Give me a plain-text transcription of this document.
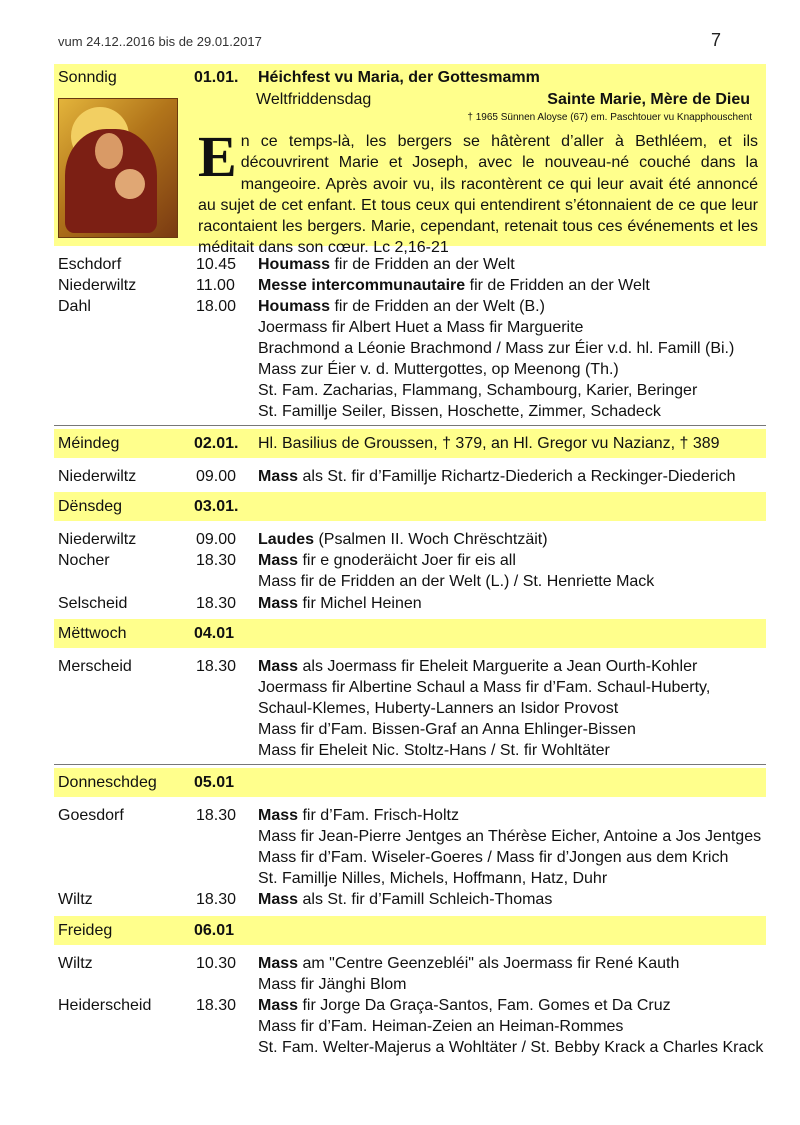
vum 24.12..2016 bis de 29.01.2017	7
Sonndig	01.01. Héichfest vu Maria, der Gottesmamm
Weltfriddensdag	Sainte Marie, Mère de Dieu
† 1965 Sünnen Aloyse (67) em. Paschtouer vu Knapphouschent
En ce temps-là, les bergers se hâtèrent d’aller à Bethléem, et ils découvrirent Marie et Joseph, avec le nouveau-né couché dans la mangeoire. Après avoir vu, ils racontèrent ce qui leur avait été annoncé au sujet de cet enfant. Et tous ceux qui entendirent s’étonnaient de ce que leur racontaient les bergers. Marie, cependant, retenait tous ces événements et les méditait dans son cœur. Lc 2,16-21
Eschdorf	10.45 Houmass fir de Fridden an der Welt
Niederwiltz	11.00 Messe intercommunautaire fir de Fridden an der Welt
Dahl	18.00 Houmass fir de Fridden an der Welt (B.)
Joermass fir Albert Huet a Mass fir Marguerite
Brachmond a Léonie Brachmond / Mass zur Éier v.d. hl. Famill (Bi.)
Mass zur Éier v. d. Muttergottes, op Meenong (Th.)
St. Fam. Zacharias, Flammang, Schambourg, Karier, Beringer
St. Famillje Seiler, Bissen, Hoschette, Zimmer, Schadeck
Méindeg	02.01. Hl. Basilius de Groussen, † 379, an Hl. Gregor vu Nazianz, † 389
Niederwiltz	09.00 Mass als St. fir d’Famillje Richartz-Diederich a Reckinger-Diederich
Dënsdeg	03.01.
Niederwiltz	09.00 Laudes (Psalmen II. Woch Chrëschtzäit)
Nocher	18.30 Mass fir e gnoderäicht Joer fir eis all
Mass fir de Fridden an der Welt (L.) / St. Henriette Mack
Selscheid	18.30 Mass fir Michel Heinen
Mëttwoch	04.01
Merscheid	18.30 Mass als Joermass fir Eheleit Marguerite a Jean Ourth-Kohler
Joermass fir Albertine Schaul a Mass fir d’Fam. Schaul-Huberty,
Schaul-Klemes, Huberty-Lanners an Isidor Provost
Mass fir d’Fam. Bissen-Graf an Anna Ehlinger-Bissen
Mass fir Eheleit Nic. Stoltz-Hans / St. fir Wohltäter
Donneschdeg 05.01
Goesdorf	18.30 Mass fir d’Fam. Frisch-Holtz
Mass fir Jean-Pierre Jentges an Thérèse Eicher, Antoine a Jos Jentges
Mass fir d’Fam. Wiseler-Goeres / Mass fir d’Jongen aus dem Krich
St. Famillje Nilles, Michels, Hoffmann, Hatz, Duhr
Wiltz	18.30 Mass als St. fir d’Famill Schleich-Thomas
Freideg	06.01
Wiltz	10.30 Mass am "Centre Geenzebléi" als Joermass fir René Kauth
Mass fir Jänghi Blom
Heiderscheid	18.30 Mass fir Jorge Da Graça-Santos, Fam. Gomes et Da Cruz
Mass fir d’Fam. Heiman-Zeien an Heiman-Rommes
St. Fam. Welter-Majerus a Wohltäter / St. Bebby Krack a Charles Krack
